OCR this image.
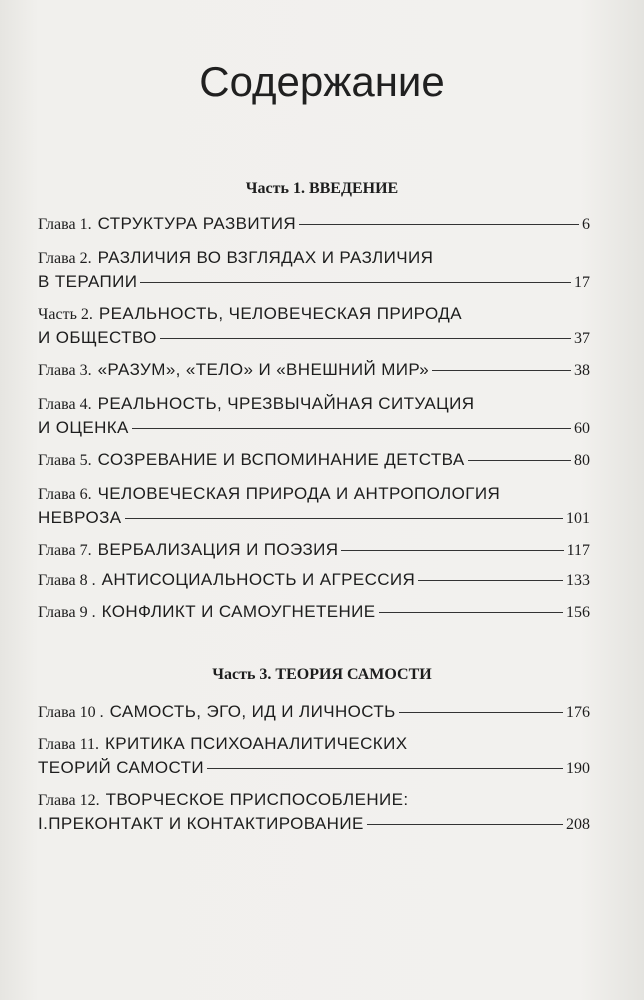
Содержание
Часть 1. ВВЕДЕНИЕ
Глава 1. СТРУКТУРА РАЗВИТИЯ	6
Глава 2. РАЗЛИЧИЯ ВО ВЗГЛЯДАХ И РАЗЛИЧИЯ
В ТЕРАПИИ	17
Часть 2. РЕАЛЬНОСТЬ, ЧЕЛОВЕЧЕСКАЯ ПРИРОДА
И ОБЩЕСТВО	37
Глава 3. «РАЗУМ», «ТЕЛО» И «ВНЕШНИЙ МИР»	38
Глава 4. РЕАЛЬНОСТЬ, ЧРЕЗВЫЧАЙНАЯ СИТУАЦИЯ
И ОЦЕНКА	60
Глава 5. СОЗРЕВАНИЕ И ВСПОМИНАНИЕ ДЕТСТВА	80
Глава 6. ЧЕЛОВЕЧЕСКАЯ ПРИРОДА И АНТРОПОЛОГИЯ
НЕВРОЗА	101
Глава 7. ВЕРБАЛИЗАЦИЯ И ПОЭЗИЯ	117
Глава 8 . АНТИСОЦИАЛЬНОСТЬ И АГРЕССИЯ	133
Глава 9 . КОНФЛИКТ И САМОУГНЕТЕНИЕ	156
Часть 3. ТЕОРИЯ САМОСТИ
Глава 10 . САМОСТЬ, ЭГО, ИД И ЛИЧНОСТЬ	176
Глава 11. КРИТИКА ПСИХОАНАЛИТИЧЕСКИХ
ТЕОРИЙ САМОСТИ	190
Глава 12. ТВОРЧЕСКОЕ ПРИСПОСОБЛЕНИЕ:
I.ПРЕКОНТАКТ И КОНТАКТИРОВАНИЕ	208
